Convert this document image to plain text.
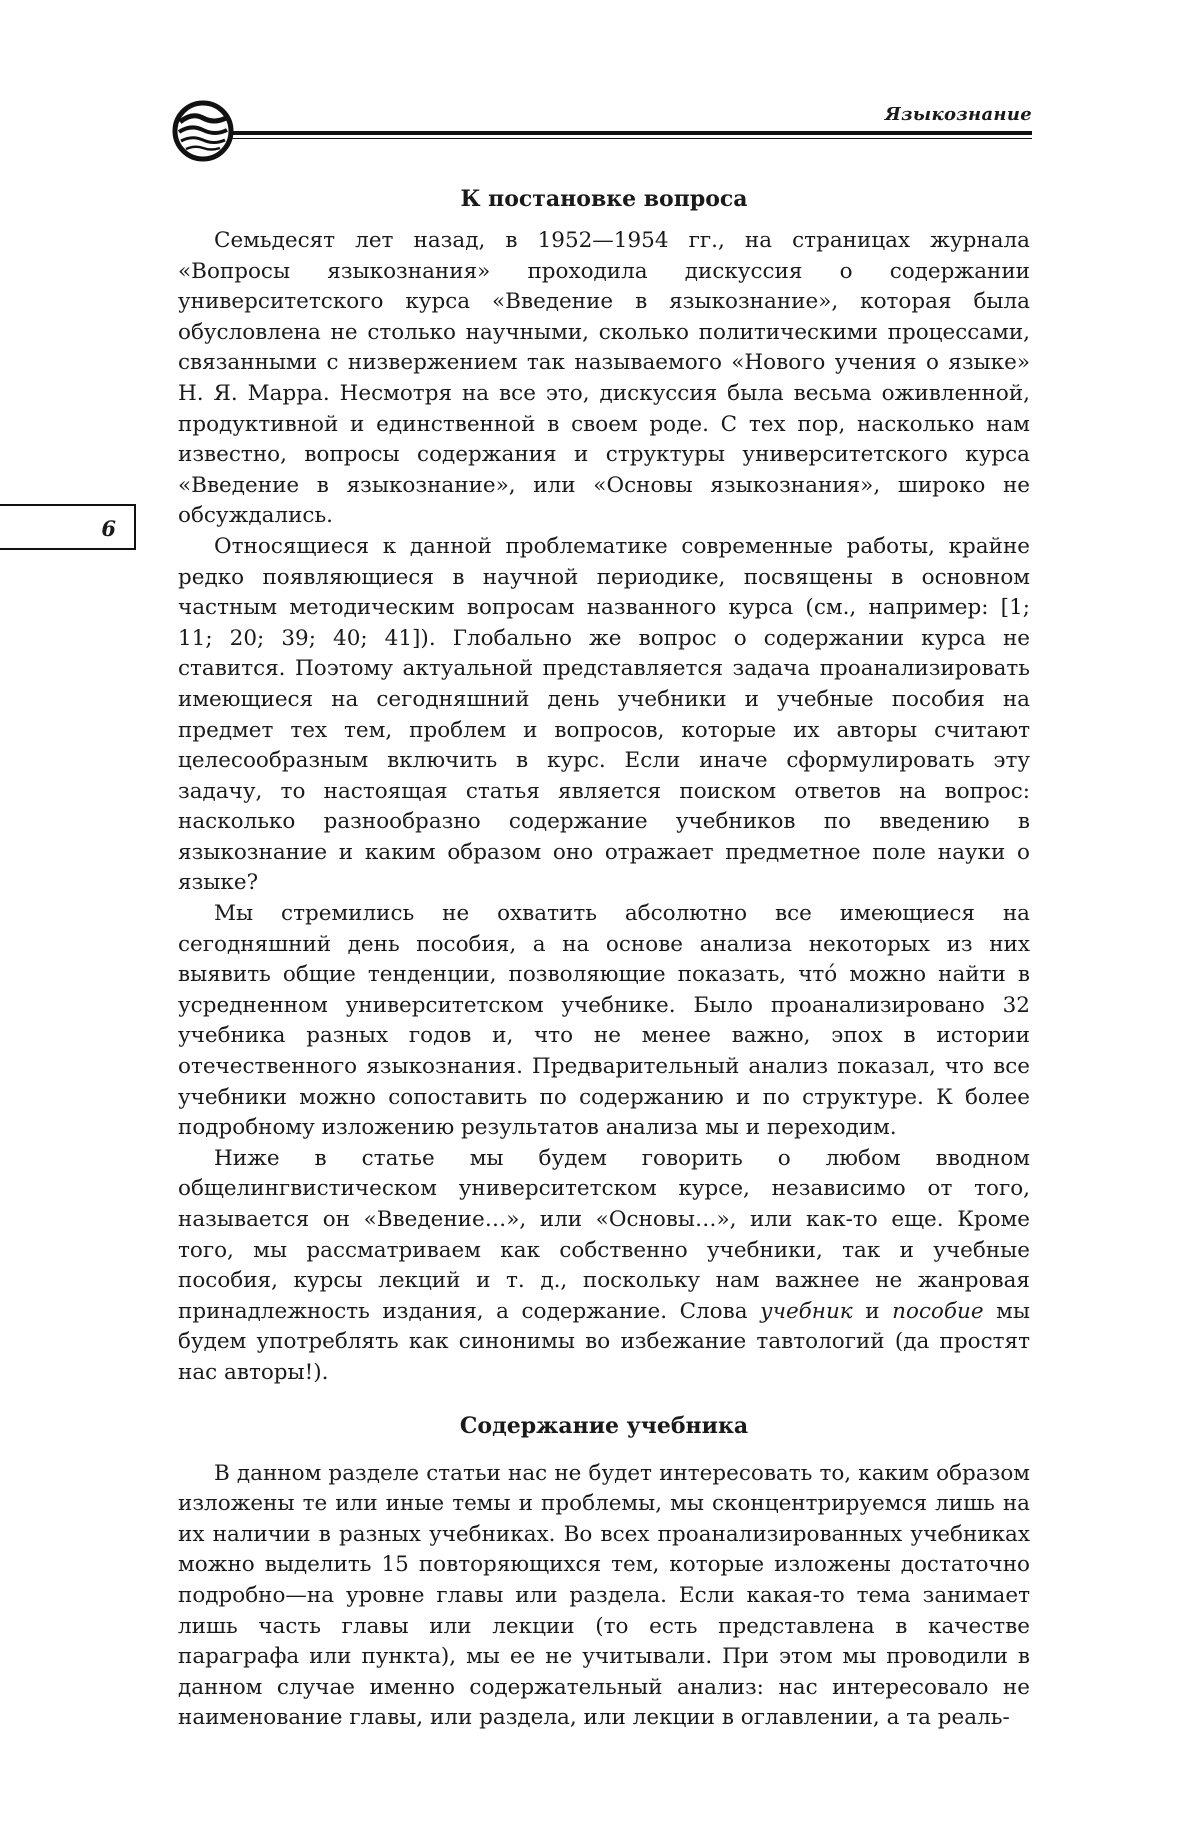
Языкознание
6
К постановке вопроса

Семьдесят лет назад, в 1952—1954 гг., на страницах журнала «Вопросы языкознания» проходила дискуссия о содержании университетского курса «Введение в языкознание», которая была обусловлена не столько научными, сколько политическими процессами, связанными с низвержением так называемого «Нового учения о языке» Н. Я. Марра. Несмотря на все это, дискуссия была весьма оживленной, продуктивной и единственной в своем роде. С тех пор, насколько нам известно, вопросы содержания и структуры университетского курса «Введение в языкознание», или «Основы языкознания», широко не обсуждались.

Относящиеся к данной проблематике современные работы, крайне редко появляющиеся в научной периодике, посвящены в основном частным методическим вопросам названного курса (см., например: [1; 11; 20; 39; 40; 41]). Глобально же вопрос о содержании курса не ставится. Поэтому актуальной представляется задача проанализировать имеющиеся на сегодняшний день учебники и учебные пособия на предмет тех тем, проблем и вопросов, которые их авторы считают целесообразным включить в курс. Если иначе сформулировать эту задачу, то настоящая статья является поиском ответов на вопрос: насколько разнообразно содержание учебников по введению в языкознание и каким образом оно отражает предметное поле науки о языке?

Мы стремились не охватить абсолютно все имеющиеся на сегодняшний день пособия, а на основе анализа некоторых из них выявить общие тенденции, позволяющие показать, что́ можно найти в усредненном университетском учебнике. Было проанализировано 32 учебника разных годов и, что не менее важно, эпох в истории отечественного языкознания. Предварительный анализ показал, что все учебники можно сопоставить по содержанию и по структуре. К более подробному изложению результатов анализа мы и переходим.

Ниже в статье мы будем говорить о любом вводном общелингвистическом университетском курсе, независимо от того, называется он «Введение…», или «Основы…», или как-то еще. Кроме того, мы рассматриваем как собственно учебники, так и учебные пособия, курсы лекций и т. д., поскольку нам важнее не жанровая принадлежность издания, а содержание. Слова учебник и пособие мы будем употреблять как синонимы во избежание тавтологий (да простят нас авторы!).

Содержание учебника

В данном разделе статьи нас не будет интересовать то, каким образом изложены те или иные темы и проблемы, мы сконцентрируемся лишь на их наличии в разных учебниках. Во всех проанализированных учебниках можно выделить 15 повторяющихся тем, которые изложены достаточно подробно—на уровне главы или раздела. Если какая-то тема занимает лишь часть главы или лекции (то есть представлена в качестве параграфа или пункта), мы ее не учитывали. При этом мы проводили в данном случае именно содержательный анализ: нас интересовало не наименование главы, или раздела, или лекции в оглавлении, а та реаль-
